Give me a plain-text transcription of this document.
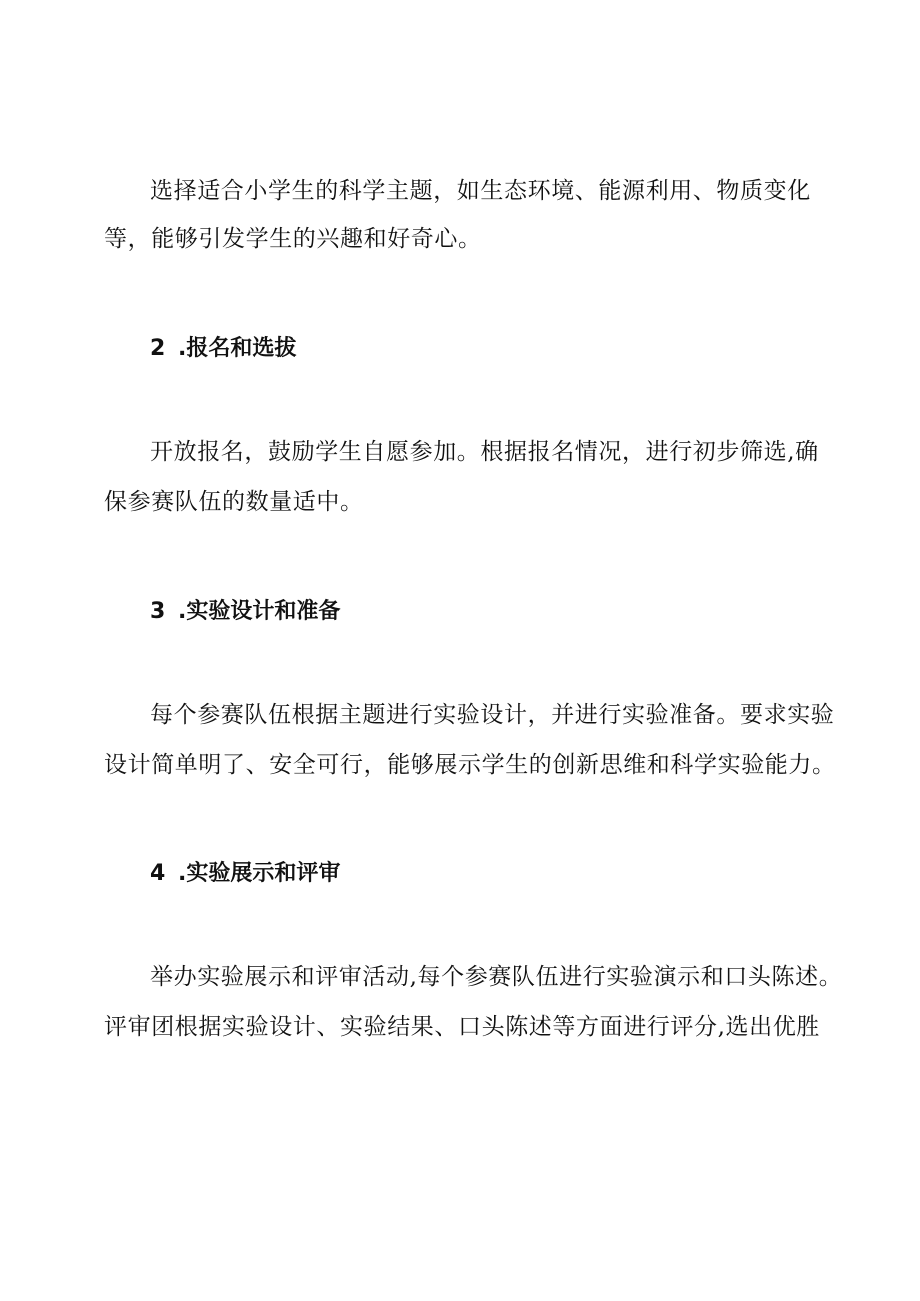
选择适合小学生的科学主题，如生态环境、能源利用、物质变化
等，能够引发学生的兴趣和好奇心。
2 .报名和选拔
开放报名，鼓励学生自愿参加。根据报名情况，进行初步筛选,确
保参赛队伍的数量适中。
3 .实验设计和准备
每个参赛队伍根据主题进行实验设计，并进行实验准备。要求实验
设计简单明了、安全可行，能够展示学生的创新思维和科学实验能力。
4 .实验展示和评审
举办实验展示和评审活动,每个参赛队伍进行实验演示和口头陈述。
评审团根据实验设计、实验结果、口头陈述等方面进行评分,选出优胜
